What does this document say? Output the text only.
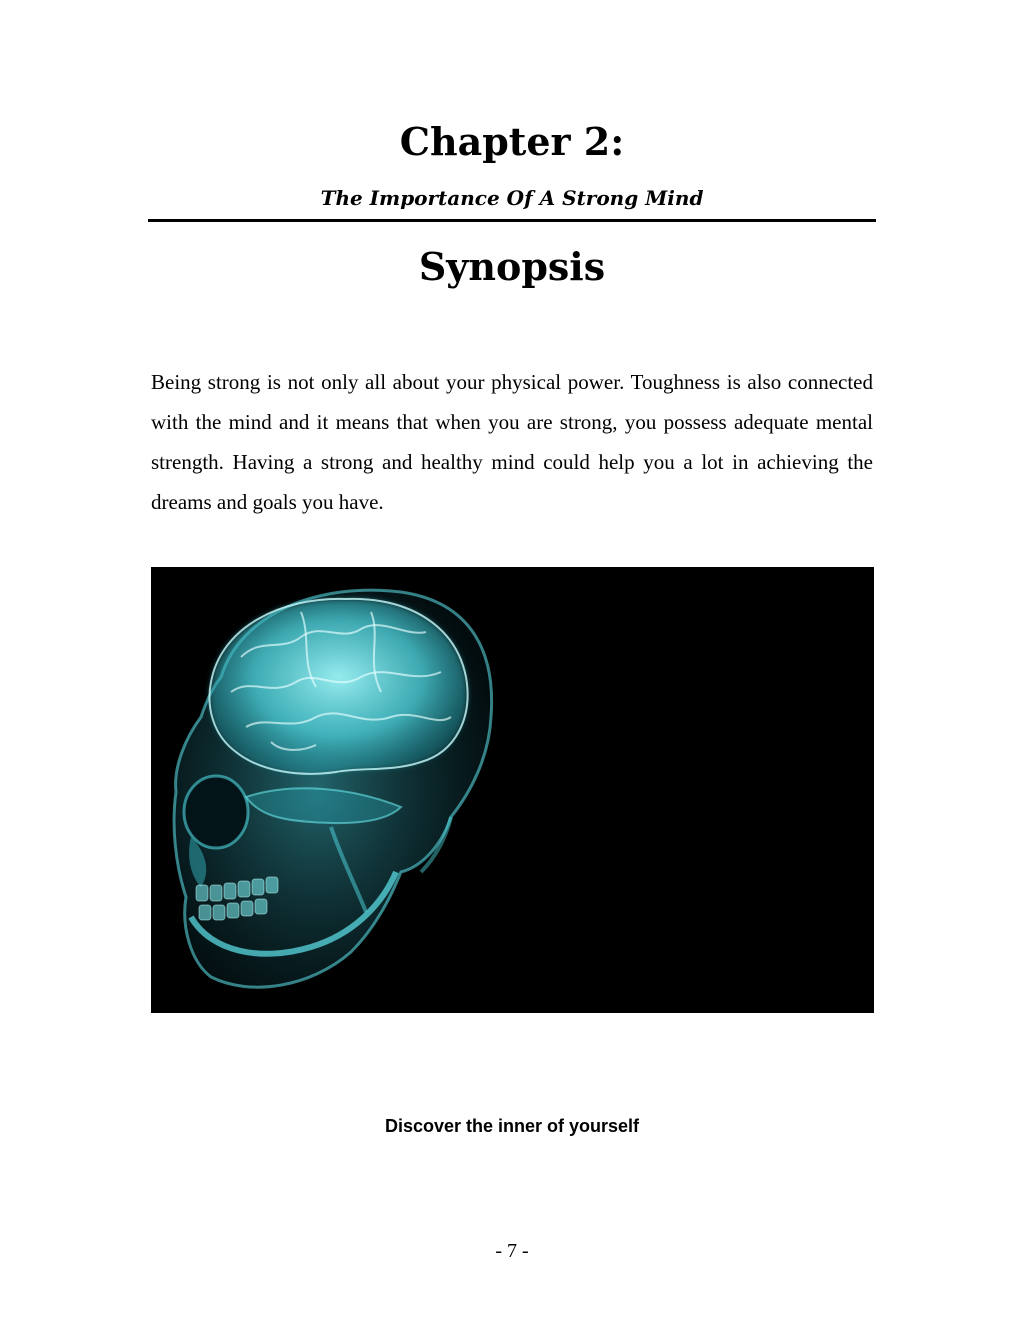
Chapter 2:
The Importance Of A Strong Mind
Synopsis

Being strong is not only all about your physical power. Toughness is also connected with the mind and it means that when you are strong, you possess adequate mental strength. Having a strong and healthy mind could help you a lot in achieving the dreams and goals you have.

Discover the inner of yourself

- 7 -
